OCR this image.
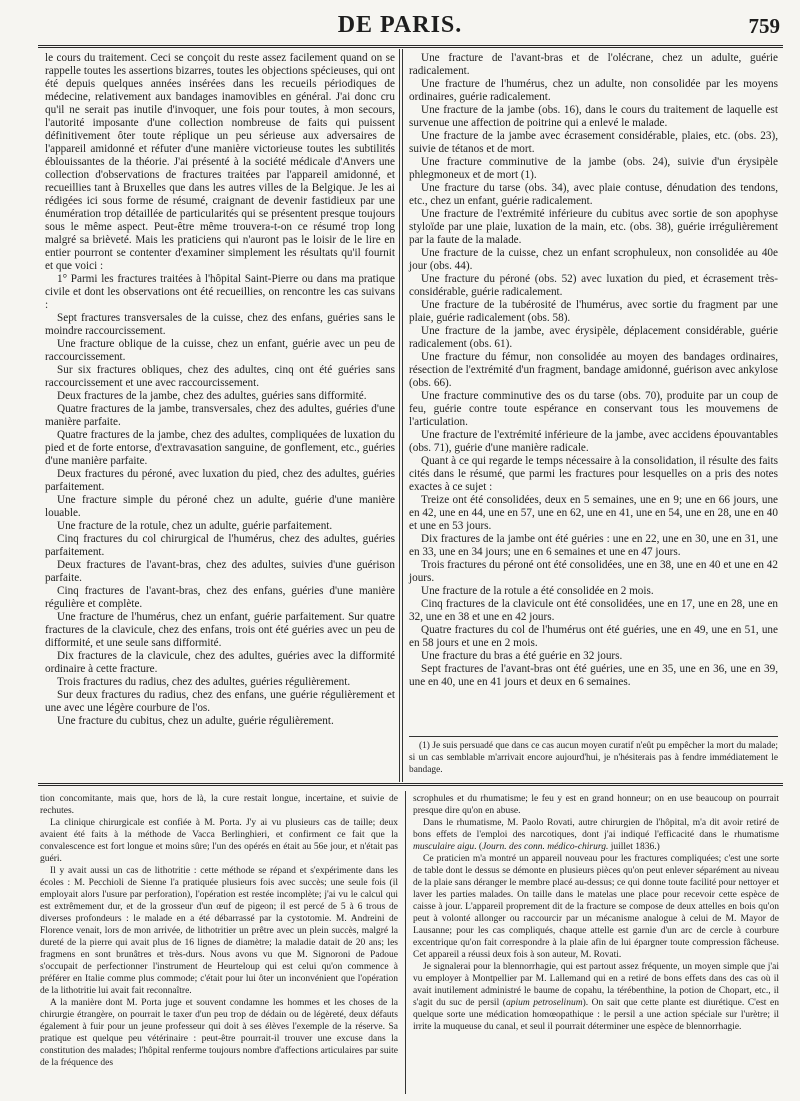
DE PARIS.	759

le cours du traitement. Ceci se conçoit du reste assez facilement quand on se rappelle toutes les assertions bizarres, toutes les objections spécieuses, qui ont été depuis quelques années insérées dans les recueils périodiques de médecine, relativement aux bandages inamovibles en général. J'ai donc cru qu'il ne serait pas inutile d'invoquer, une fois pour toutes, à mon secours, l'autorité imposante d'une collection nombreuse de faits qui puissent définitivement ôter toute réplique un peu sérieuse aux adversaires de l'appareil amidonné et réfuter d'une manière victorieuse toutes les subtilités éblouissantes de la théorie. J'ai présenté à la société médicale d'Anvers une collection d'observations de fractures traitées par l'appareil amidonné, et recueillies tant à Bruxelles que dans les autres villes de la Belgique. Je les ai rédigées ici sous forme de résumé, craignant de devenir fastidieux par une énumération trop détaillée de particularités qui se présentent presque toujours sous le même aspect. Peut-être même trouvera-t-on ce résumé trop long malgré sa brièveté. Mais les praticiens qui n'auront pas le loisir de le lire en entier pourront se contenter d'examiner simplement les résultats qu'il fournit et que voici :

1° Parmi les fractures traitées à l'hôpital Saint-Pierre ou dans ma pratique civile et dont les observations ont été recueillies, on rencontre les cas suivans :

Sept fractures transversales de la cuisse, chez des enfans, guéries sans le moindre raccourcissement.

Une fracture oblique de la cuisse, chez un enfant, guérie avec un peu de raccourcissement.

Sur six fractures obliques, chez des adultes, cinq ont été guéries sans raccourcissement et une avec raccourcissement.

Deux fractures de la jambe, chez des adultes, guéries sans difformité.

Quatre fractures de la jambe, transversales, chez des adultes, guéries d'une manière parfaite.

Quatre fractures de la jambe, chez des adultes, compliquées de luxation du pied et de forte entorse, d'extravasation sanguine, de gonflement, etc., guéries d'une manière parfaite.

Deux fractures du péroné, avec luxation du pied, chez des adultes, guéries parfaitement.

Une fracture simple du péroné chez un adulte, guérie d'une manière louable.

Une fracture de la rotule, chez un adulte, guérie parfaitement.

Cinq fractures du col chirurgical de l'humérus, chez des adultes, guéries parfaitement.

Deux fractures de l'avant-bras, chez des adultes, suivies d'une guérison parfaite.

Cinq fractures de l'avant-bras, chez des enfans, guéries d'une manière régulière et complète.

Une fracture de l'humérus, chez un enfant, guérie parfaitement. Sur quatre fractures de la clavicule, chez des enfans, trois ont été guéries avec un peu de difformité, et une seule sans difformité.

Dix fractures de la clavicule, chez des adultes, guéries avec la difformité ordinaire à cette fracture.

Trois fractures du radius, chez des adultes, guéries régulièrement.

Sur deux fractures du radius, chez des enfans, une guérie régulièrement et une avec une légère courbure de l'os.

Une fracture du cubitus, chez un adulte, guérie régulièrement.

Une fracture de l'avant-bras et de l'olécrane, chez un adulte, guérie radicalement.

Une fracture de l'humérus, chez un adulte, non consolidée par les moyens ordinaires, guérie radicalement.

Une fracture de la jambe (obs. 16), dans le cours du traitement de laquelle est survenue une affection de poitrine qui a enlevé le malade.

Une fracture de la jambe avec écrasement considérable, plaies, etc. (obs. 23), suivie de tétanos et de mort.

Une fracture comminutive de la jambe (obs. 24), suivie d'un érysipèle phlegmoneux et de mort (1).

Une fracture du tarse (obs. 34), avec plaie contuse, dénudation des tendons, etc., chez un enfant, guérie radicalement.

Une fracture de l'extrémité inférieure du cubitus avec sortie de son apophyse styloïde par une plaie, luxation de la main, etc. (obs. 38), guérie irrégulièrement par la faute de la malade.

Une fracture de la cuisse, chez un enfant scrophuleux, non consolidée au 40e jour (obs. 44).

Une fracture du péroné (obs. 52) avec luxation du pied, et écrasement très-considérable, guérie radicalement.

Une fracture de la tubérosité de l'humérus, avec sortie du fragment par une plaie, guérie radicalement (obs. 58).

Une fracture de la jambe, avec érysipèle, déplacement considérable, guérie radicalement (obs. 61).

Une fracture du fémur, non consolidée au moyen des bandages ordinaires, résection de l'extrémité d'un fragment, bandage amidonné, guérison avec ankylose (obs. 66).

Une fracture comminutive des os du tarse (obs. 70), produite par un coup de feu, guérie contre toute espérance en conservant tous les mouvemens de l'articulation.

Une fracture de l'extrémité inférieure de la jambe, avec accidens épouvantables (obs. 71), guérie d'une manière radicale.

Quant à ce qui regarde le temps nécessaire à la consolidation, il résulte des faits cités dans le résumé, que parmi les fractures pour lesquelles on a pris des notes exactes à ce sujet :

Treize ont été consolidées, deux en 5 semaines, une en 9; une en 66 jours, une en 42, une en 44, une en 57, une en 62, une en 41, une en 54, une en 28, une en 40 et une en 53 jours.

Dix fractures de la jambe ont été guéries : une en 22, une en 30, une en 31, une en 33, une en 34 jours; une en 6 semaines et une en 47 jours.

Trois fractures du péroné ont été consolidées, une en 38, une en 40 et une en 42 jours.

Une fracture de la rotule a été consolidée en 2 mois.

Cinq fractures de la clavicule ont été consolidées, une en 17, une en 28, une en 32, une en 38 et une en 42 jours.

Quatre fractures du col de l'humérus ont été guéries, une en 49, une en 51, une en 58 jours et une en 2 mois.

Une fracture du bras a été guérie en 32 jours.

Sept fractures de l'avant-bras ont été guéries, une en 35, une en 36, une en 39, une en 40, une en 41 jours et deux en 6 semaines.

(1) Je suis persuadé que dans ce cas aucun moyen curatif n'eût pu empêcher la mort du malade; si un cas semblable m'arrivait encore aujourd'hui, je n'hésiterais pas à fendre immédiatement le bandage.

tion concomitante, mais que, hors de là, la cure restait longue, incertaine, et suivie de rechutes.

La clinique chirurgicale est confiée à M. Porta. J'y ai vu plusieurs cas de taille; deux avaient été faits à la méthode de Vacca Berlinghieri, et confirment ce fait que la convalescence est fort longue et moins sûre; l'un des opérés en était au 56e jour, et n'était pas guéri.

Il y avait aussi un cas de lithotritie : cette méthode se répand et s'expérimente dans les écoles : M. Pecchioli de Sienne l'a pratiquée plusieurs fois avec succès; une seule fois (il employait alors l'usure par perforation), l'opération est restée incomplète; j'ai vu le calcul qui est extrêmement dur, et de la grosseur d'un œuf de pigeon; il est percé de 5 à 6 trous de diverses profondeurs : le malade en a été débarrassé par la cystotomie. M. Andreini de Florence venait, lors de mon arrivée, de lithotritier un prêtre avec un plein succès, malgré la dureté de la pierre qui avait plus de 16 lignes de diamètre; la maladie datait de 20 ans; les fragmens en sont brunâtres et très-durs. Nous avons vu que M. Signoroni de Padoue s'occupait de perfectionner l'instrument de Heurteloup qui est celui qu'on commence à préférer en Italie comme plus commode; c'était pour lui ôter un inconvénient que l'opération de la lithotritie lui avait fait reconnaître.

A la manière dont M. Porta juge et souvent condamne les hommes et les choses de la chirurgie étrangère, on pourrait le taxer d'un peu trop de dédain ou de légèreté, deux défauts également à fuir pour un jeune professeur qui doit à ses élèves l'exemple de la réserve. Sa pratique est quelque peu vétérinaire : peut-être pourrait-il trouver une excuse dans la constitution des malades; l'hôpital renferme toujours nombre d'affections articulaires par suite de la fréquence des

scrophules et du rhumatisme; le feu y est en grand honneur; on en use beaucoup on pourrait presque dire qu'on en abuse.

Dans le rhumatisme, M. Paolo Rovati, autre chirurgien de l'hôpital, m'a dit avoir retiré de bons effets de l'emploi des narcotiques, dont j'ai indiqué l'efficacité dans le rhumatisme musculaire aigu. (Journ. des conn. médico-chirurg. juillet 1836.)

Ce praticien m'a montré un appareil nouveau pour les fractures compliquées; c'est une sorte de table dont le dessus se démonte en plusieurs pièces qu'on peut enlever séparément au niveau de la plaie sans déranger le membre placé au-dessus; ce qui donne toute facilité pour nettoyer et laver les parties malades. On taille dans le matelas une place pour recevoir cette espèce de caisse à jour. L'appareil proprement dit de la fracture se compose de deux attelles en bois qu'on peut à volonté allonger ou raccourcir par un mécanisme analogue à celui de M. Mayor de Lausanne; pour les cas compliqués, chaque attelle est garnie d'un arc de cercle à courbure excentrique qu'on fait correspondre à la plaie afin de lui épargner toute compression fâcheuse. Cet appareil a réussi deux fois à son auteur, M. Rovati.

Je signalerai pour la blennorrhagie, qui est partout assez fréquente, un moyen simple que j'ai vu employer à Montpellier par M. Lallemand qui en a retiré de bons effets dans des cas où il avait inutilement administré le baume de copahu, la térébenthine, la potion de Chopart, etc., il s'agit du suc de persil (apium petroselinum). On sait que cette plante est diurétique. C'est en quelque sorte une médication homœopathique : le persil a une action spéciale sur l'urètre; il irrite la muqueuse du canal, et seul il pourrait déterminer une espèce de blennorrhagie.
